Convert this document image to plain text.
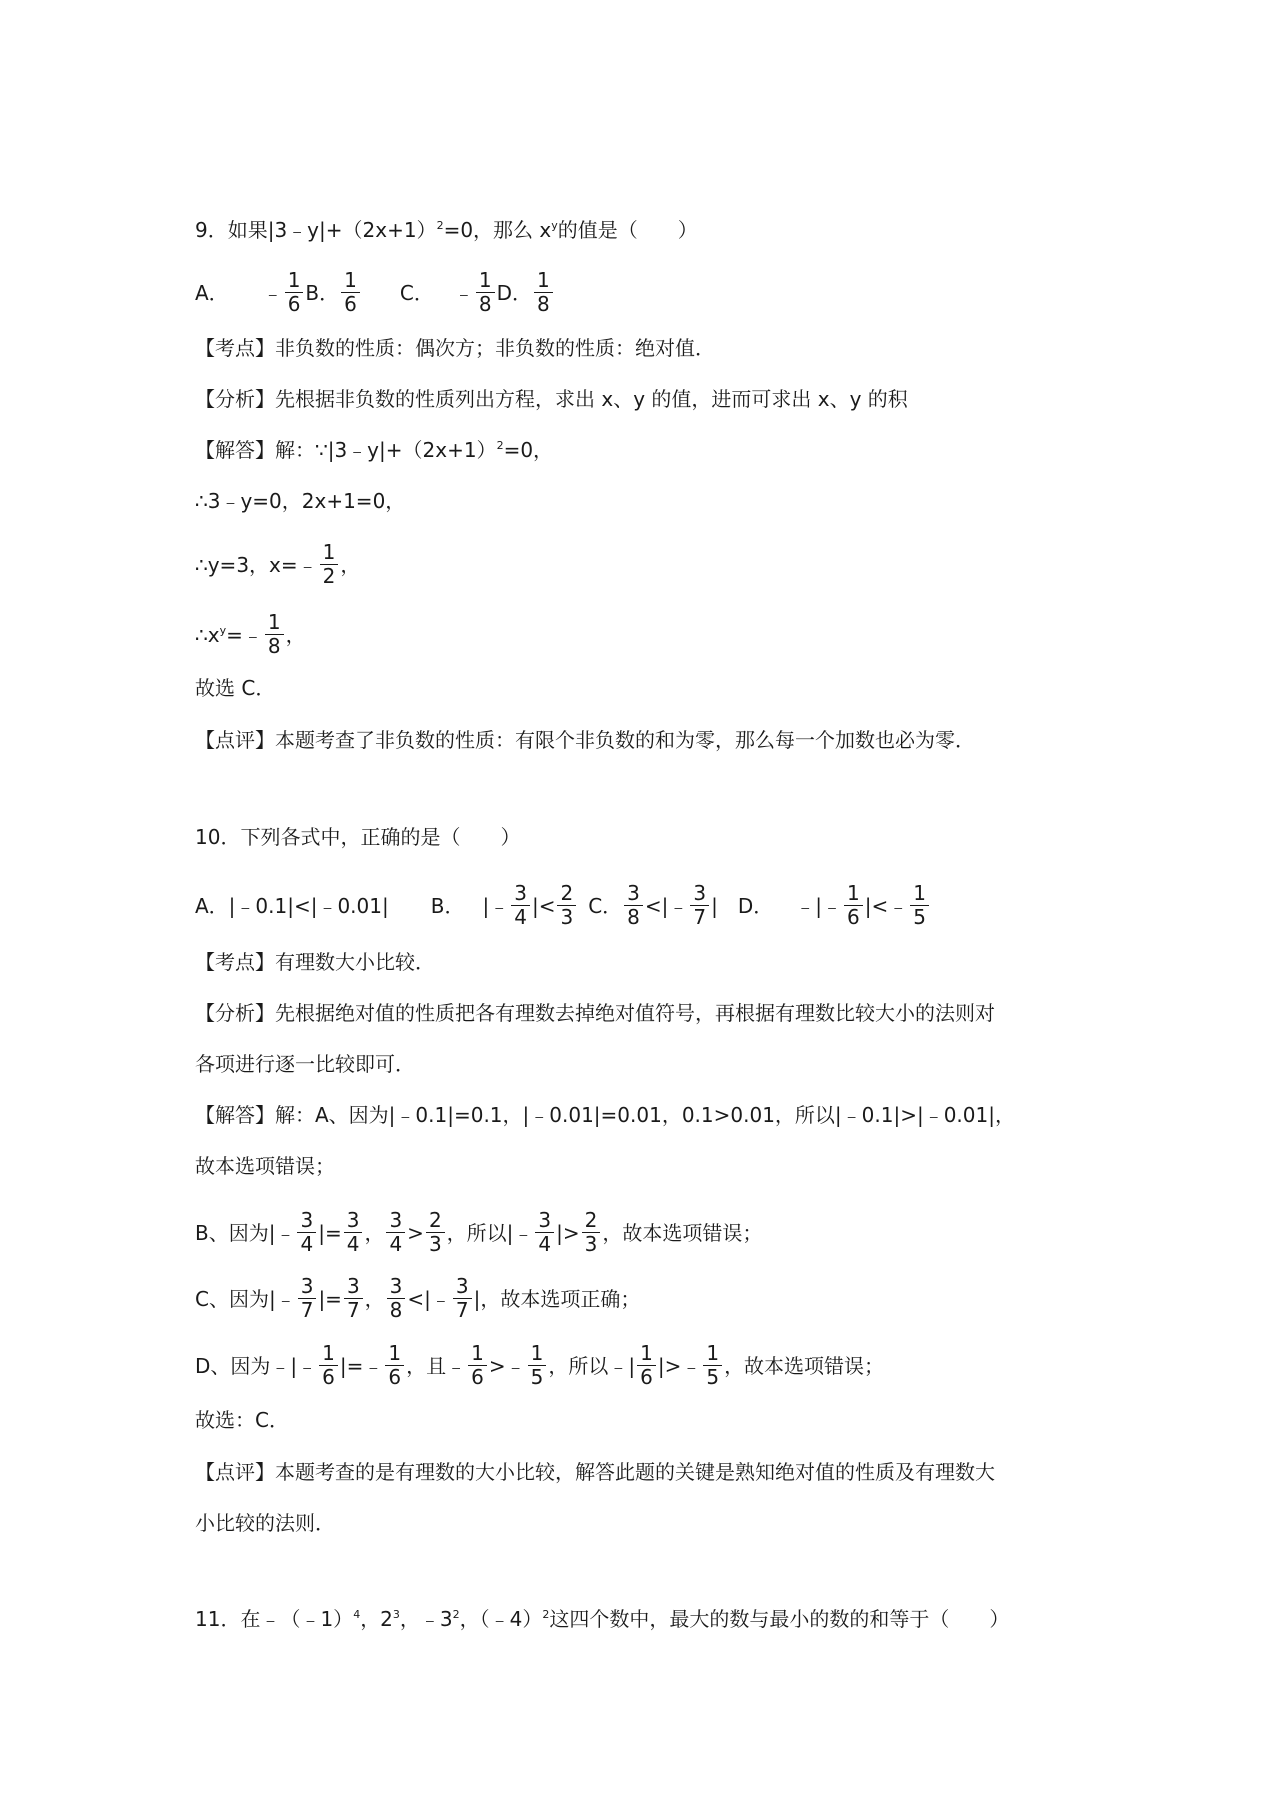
9．如果$|3﹣y|+(2x+1)^2 =0$，那么 $x^y$ 的值是（　　）
A． ﹣ $\frac{1}{6}$ B． $\frac{1}{6}$ C． ﹣ $\frac{1}{8}$ D． $\frac{1}{8}$
【考点】非负数的性质：偶次方；非负数的性质：绝对值．
【分析】先根据非负数的性质列出方程，求出 x、y 的值，进而可求出 x、y 的积
【解答】解：$\because|3﹣y|+(2x+1)^2 =0$，
∴3﹣y=0，2x+1=0，
∴y=3，x=﹣ $\frac{1}{2}$ ，
$\therefore x^y$ =﹣ $\frac{1}{8}$ ，
故选 C．
【点评】本题考查了非负数的性质：有限个非负数的和为零，那么每一个加数也必为零．
10．下列各式中，正确的是（　　）
A．|﹣0.1|<|﹣0.01| B． |﹣ $\frac{3}{4}$ |< $\frac{2}{3}$ C． $\frac{3}{8}$ <|﹣ $\frac{3}{7}$ | D． ﹣|﹣ $\frac{1}{6}$ |<﹣ $\frac{1}{5}$
【考点】有理数大小比较．
【分析】先根据绝对值的性质把各有理数去掉绝对值符号，再根据有理数比较大小的法则对
各项进行逐一比较即可．
【解答】解：A、因为|﹣0.1|=0.1，|﹣0.01|=0.01，0.1>0.01，所以|﹣0.1|>|﹣0.01|，
故本选项错误；
B、因为|﹣ $\frac{3}{4}$ |= $\frac{3}{4}$ ， $\frac{3}{4} > \frac{2}{3}$ ，所以|﹣ $\frac{3}{4}$ |> $\frac{2}{3}$ ，故本选项错误；
C、因为|﹣ $\frac{3}{7}$ |= $\frac{3}{7}$ ， $\frac{3}{8}$ <|﹣ $\frac{3}{7}$ |，故本选项正确；
D、因为﹣|﹣ $\frac{1}{6}$ |=﹣ $\frac{1}{6}$ ，且﹣ $\frac{1}{6}$ >﹣ $\frac{1}{5}$ ，所以﹣| $\frac{1}{6}$ |>﹣ $\frac{1}{5}$ ，故本选项错误；
故选：C．
【点评】本题考查的是有理数的大小比较，解答此题的关键是熟知绝对值的性质及有理数大
小比较的法则．
11．在﹣（﹣1）$^4$ ，$2^3$ ，$﹣3^2$ ，（﹣4）$^2$ 这四个数中，最大的数与最小的数的和等于（　　）
